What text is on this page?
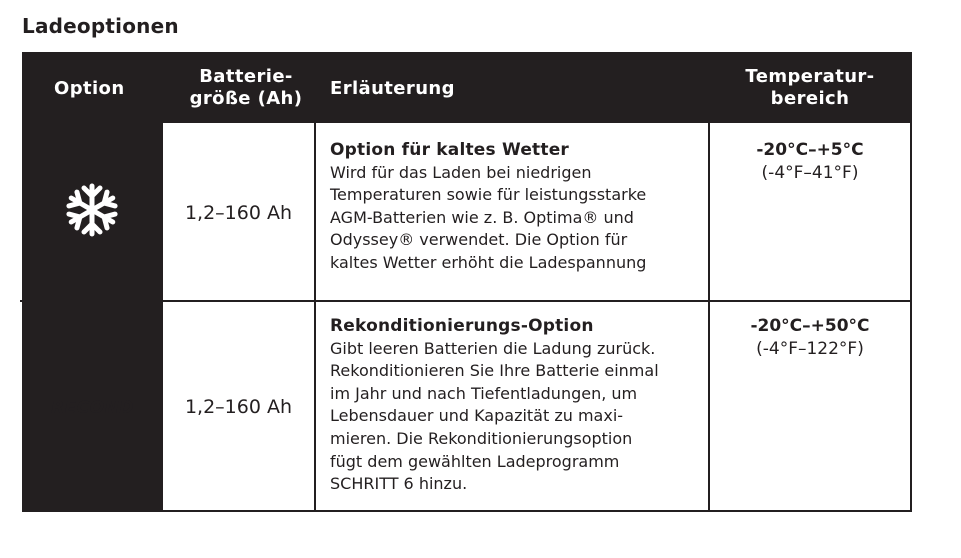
Ladeoptionen
Option
Batterie-
größe (Ah)	Erläuterung
Temperatur-
bereich
1,2–160 Ah
Option für kaltes Wetter
Wird für das Laden bei niedrigen
Temperaturen sowie für leistungsstarke
AGM-Batterien wie z. B. Optima® und
Odyssey® verwendet. Die Option für
kaltes Wetter erhöht die Ladespannung
-20°C–+5°C
(-4°F–41°F)
RECOND	1,2–160 Ah
Rekonditionierungs-Option
Gibt leeren Batterien die Ladung zurück.
Rekonditionieren Sie Ihre Batterie einmal
im Jahr und nach Tiefentladungen, um
Lebensdauer und Kapazität zu maxi-
mieren. Die Rekonditionierungsoption
fügt dem gewählten Ladeprogramm
SCHRITT 6 hinzu.
-20°C–+50°C
(-4°F–122°F)
